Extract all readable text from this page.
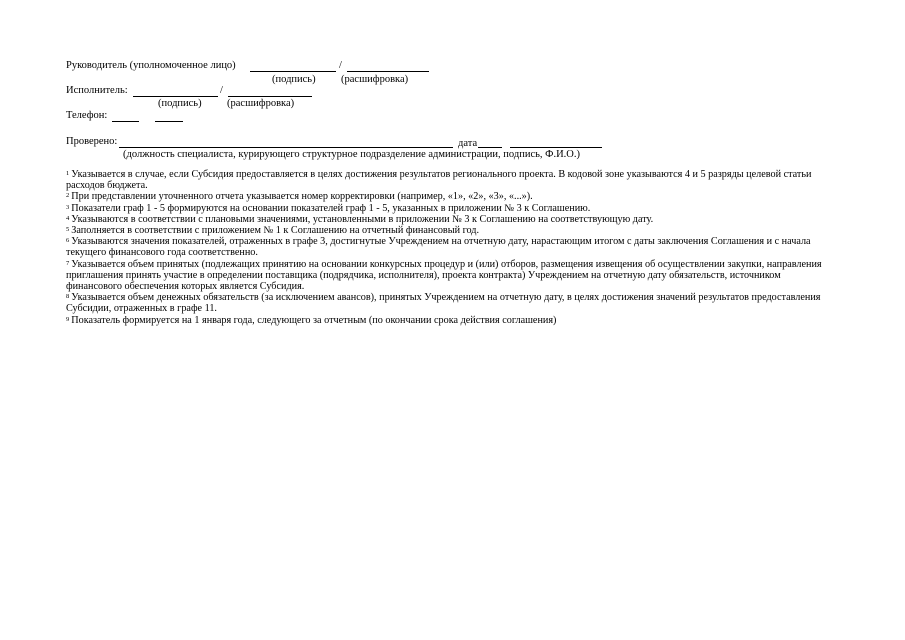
Руководитель (уполномоченное лицо)	/
(подпись) (расшифровка)
Исполнитель:	/
(подпись) (расшифровка)
Телефон:
Проверено:	дата
(должность специалиста, курирующего структурное подразделение администрации, подпись, Ф.И.О.)
$^1$ Указывается в случае, если Субсидия предоставляется в целях достижения результатов регионального проекта. В кодовой зоне указываются 4 и 5 разряды целевой статьи расходов бюджета.
$^2$ При представлении уточненного отчета указывается номер корректировки (например, «1», «2», «3», «...»).
$^3$ Показатели граф 1 - 5 формируются на основании показателей граф 1 - 5, указанных в приложении № 3 к Соглашению.
$^4$ Указываются в соответствии с плановыми значениями, установленными в приложении № 3 к Соглашению на соответствующую дату.
$^5$ Заполняется в соответствии с приложением № 1 к Соглашению на отчетный финансовый год.
$^6$ Указываются значения показателей, отраженных в графе 3, достигнутые Учреждением на отчетную дату, нарастающим итогом с даты заключения Соглашения и с начала текущего финансового года соответственно.
$^7$ Указывается объем принятых (подлежащих принятию на основании конкурсных процедур и (или) отборов, размещения извещения об осуществлении закупки, направления приглашения принять участие в определении поставщика (подрядчика, исполнителя), проекта контракта) Учреждением на отчетную дату обязательств, источником финансового обеспечения которых является Субсидия.
$^8$ Указывается объем денежных обязательств (за исключением авансов), принятых Учреждением на отчетную дату, в целях достижения значений результатов предоставления Субсидии, отраженных в графе 11.
$^9$ Показатель формируется на 1 января года, следующего за отчетным (по окончании срока действия соглашения)
